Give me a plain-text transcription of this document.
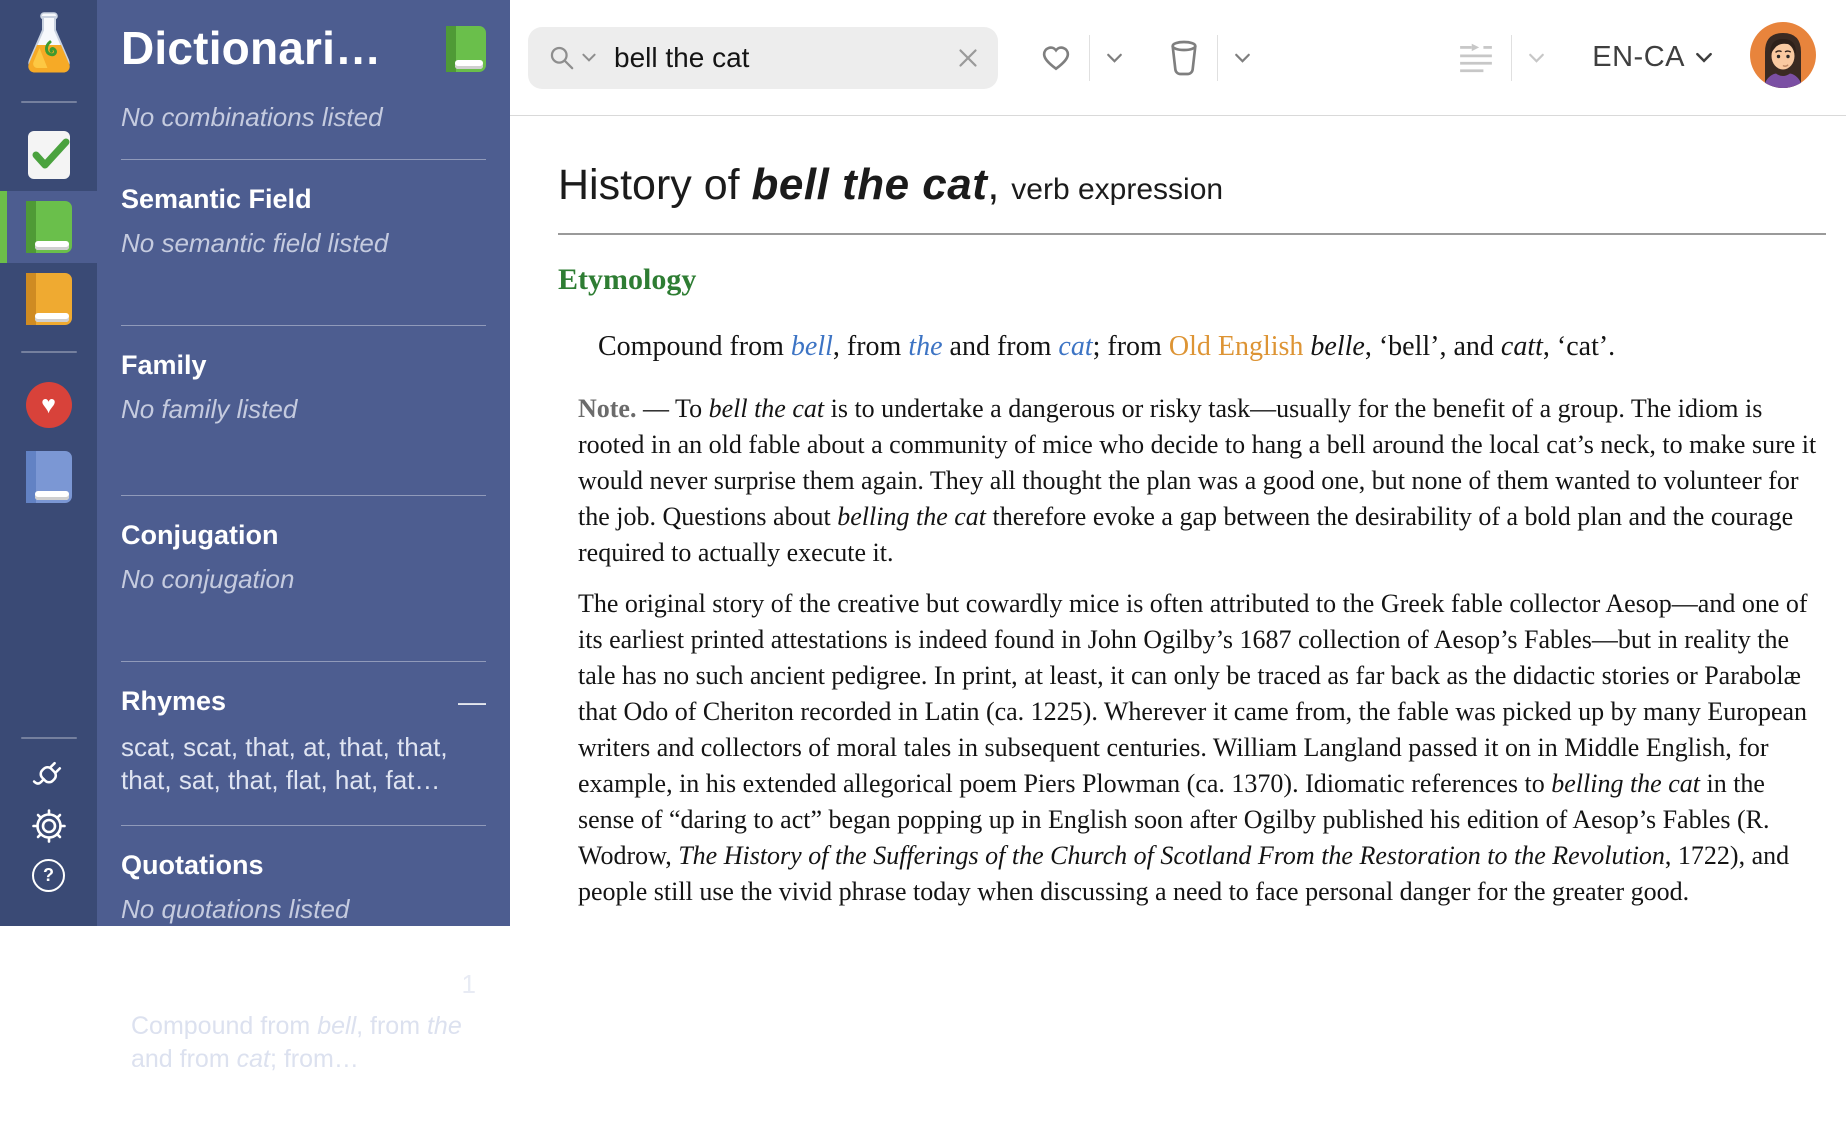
♥
?
Dictionari…
No combinations listed
Semantic Field
No semantic field listed
Family
No family listed
Conjugation
No conjugation
Rhymes	—
scat, scat, that, at, that, that, that, sat, that, flat, hat, fat…
Quotations
No quotations listed
History	1
Compound from bell, from the and from cat; from…
bell the cat
EN-CA
History of bell the cat, verb expression
Etymology

Compound from bell, from the and from cat; from Old English belle, ‘bell’, and catt, ‘cat’.

Note. — To bell the cat is to undertake a dangerous or risky task—usually for the benefit of a group. The idiom is rooted in an old fable about a community of mice who decide to hang a bell around the local cat’s neck, to make sure it would never surprise them again. They all thought the plan was a good one, but none of them wanted to volunteer for the job. Questions about belling the cat therefore evoke a gap between the desirability of a bold plan and the courage required to actually execute it.

The original story of the creative but cowardly mice is often attributed to the Greek fable collector Aesop—and one of its earliest printed attestations is indeed found in John Ogilby’s 1687 collection of Aesop’s Fables—but in reality the tale has no such ancient pedigree. In print, at least, it can only be traced as far back as the didactic stories or Parabolæ that Odo of Cheriton recorded in Latin (ca. 1225). Wherever it came from, the fable was picked up by many European writers and collectors of moral tales in subsequent centuries. William Langland passed it on in Middle English, for example, in his extended allegorical poem Piers Plowman (ca. 1370). Idiomatic references to belling the cat in the sense of “daring to act” began popping up in English soon after Ogilby published his edition of Aesop’s Fables (R. Wodrow, The History of the Sufferings of the Church of Scotland From the Restoration to the Revolution, 1722), and people still use the vivid phrase today when discussing a need to face personal danger for the greater good.
